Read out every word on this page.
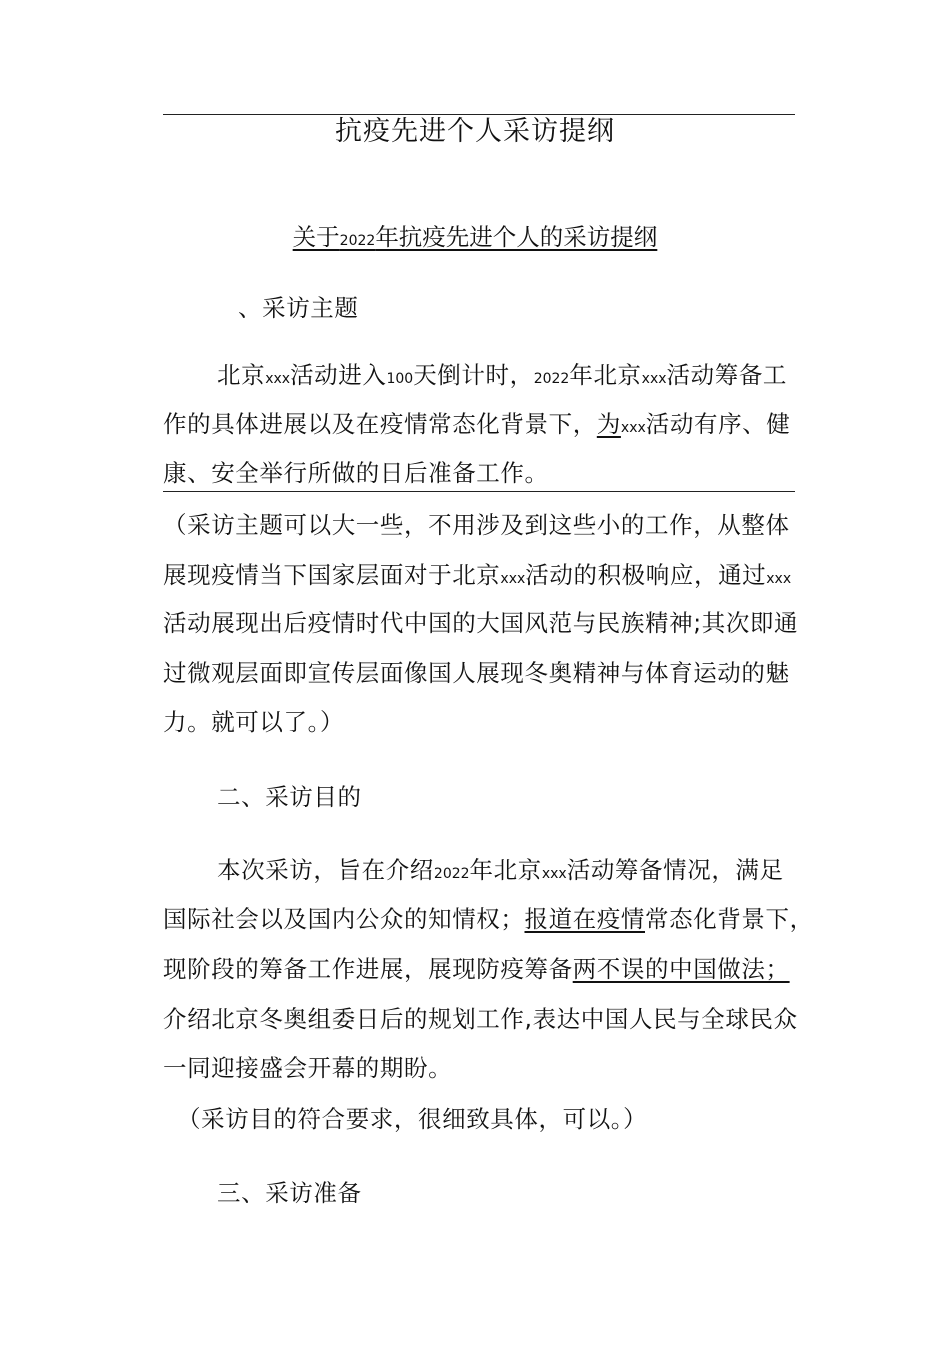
抗疫先进个人采访提纲
关于2022年抗疫先进个人的采访提纲
、采访主题
北京xxx活动进入100天倒计时，2022年北京xxx活动筹备工
作的具体进展以及在疫情常态化背景下，为xxx活动有序、健
康、安全举行所做的日后准备工作。
（采访主题可以大一些，不用涉及到这些小的工作，从整体
展现疫情当下国家层面对于北京xxx活动的积极响应，通过xxx
活动展现出后疫情时代中国的大国风范与民族精神;其次即通
过微观层面即宣传层面像国人展现冬奥精神与体育运动的魅
力。就可以了。）
二、采访目的
本次采访，旨在介绍2022年北京xxx活动筹备情况，满足
国际社会以及国内公众的知情权；报道在疫情常态化背景下，
现阶段的筹备工作进展，展现防疫筹备两不误的中国做法；
介绍北京冬奥组委日后的规划工作,表达中国人民与全球民众
一同迎接盛会开幕的期盼。
（采访目的符合要求，很细致具体，可以。）
三、采访准备
